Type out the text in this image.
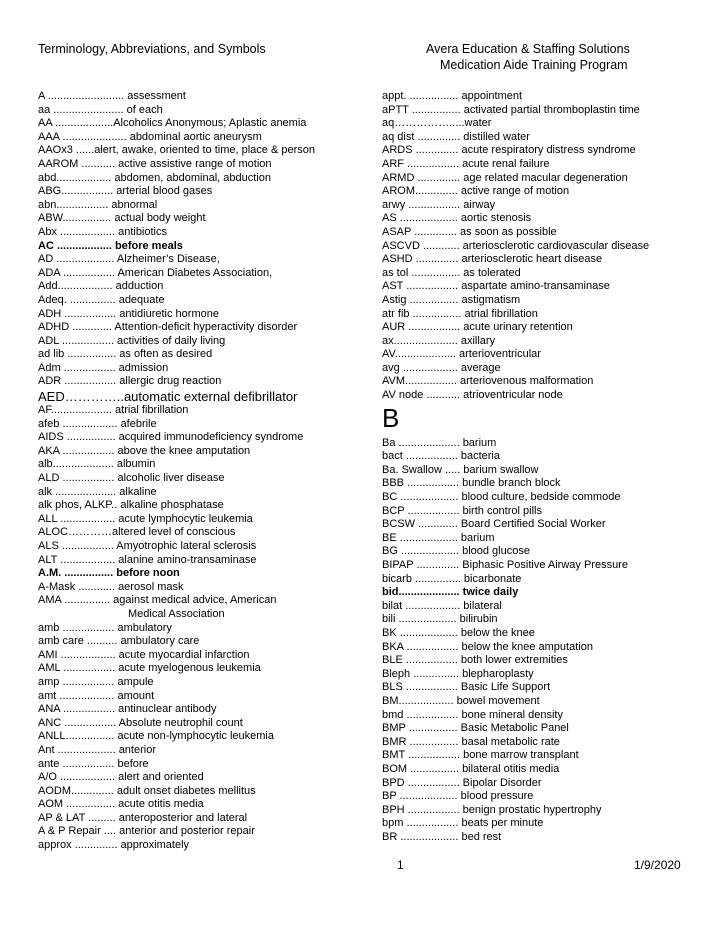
Terminology, Abbreviations, and Symbols	Avera Education & Staffing Solutions
Medication Aide Training Program
A ......................... assessment
aa ....................... of each
AA ...................Alcoholics Anonymous; Aplastic anemia
AAA ..................... abdominal aortic aneurysm
AAOx3 ......alert, awake, oriented to time, place & person
AAROM ........... active assistive range of motion
abd.................. abdomen, abdominal, abduction
ABG................. arterial blood gases
abn................. abnormal
ABW................ actual body weight
Abx .................. antibiotics
AC .................. before meals
AD ................... Alzheimer’s Disease,
ADA ................. American Diabetes Association,
Add.................. adduction
Adeq. ............... adequate
ADH ................. antidiuretic hormone
ADHD ............. Attention-deficit hyperactivity disorder
ADL ................. activities of daily living
ad lib ................ as often as desired
Adm ................. admission
ADR ................. allergic drug reaction
AED…………..automatic external defibrillator
AF.................... atrial fibrillation
afeb .................. afebrile
AIDS ................ acquired immunodeficiency syndrome
AKA ................. above the knee amputation
alb.................... albumin
ALD ................. alcoholic liver disease
alk .................... alkaline
alk phos, ALKP.. alkaline phosphatase
ALL .................. acute lymphocytic leukemia
ALOC…………altered level of conscious
ALS ................. Amyotrophic lateral sclerosis
ALT .................. alanine amino-transaminase
A.M. ................ before noon
A-Mask ............ aerosol mask
AMA ............... against medical advice, American
Medical Association
amb ................. ambulatory
amb care .......... ambulatory care
AMI .................. acute myocardial infarction
AML ................. acute myelogenous leukemia
amp ................. ampule
amt .................. amount
ANA ................. antinuclear antibody
ANC ................. Absolute neutrophil count
ANLL................ acute non-lymphocytic leukemia
Ant ................... anterior
ante ................. before
A/O .................. alert and oriented
AODM.............. adult onset diabetes mellitus
AOM ................ acute otitis media
AP & LAT ......... anteroposterior and lateral
A & P Repair .... anterior and posterior repair
approx .............. approximately
appt. ................ appointment
aPTT ................ activated partial thromboplastin time
aq…………….....water
aq dist .............. distilled water
ARDS .............. acute respiratory distress syndrome
ARF ................. acute renal failure
ARMD .............. age related macular degeneration
AROM.............. active range of motion
arwy ................. airway
AS ................... aortic stenosis
ASAP .............. as soon as possible
ASCVD ............ arteriosclerotic cardiovascular disease
ASHD .............. arteriosclerotic heart disease
as tol ................ as tolerated
AST ................. aspartate amino-transaminase
Astig ................ astigmatism
atr fib ................ atrial fibrillation
AUR ................. acute urinary retention
ax..................... axillary
AV.................... arterioventricular
avg .................. average
AVM................. arteriovenous malformation
AV node ........... atrioventricular node
B
Ba .................... barium
bact ................. bacteria
Ba. Swallow ..... barium swallow
BBB ................. bundle branch block
BC ................... blood culture, bedside commode
BCP ................. birth control pills
BCSW ............. Board Certified Social Worker
BE ................... barium
BG ................... blood glucose
BIPAP .............. Biphasic Positive Airway Pressure
bicarb ............... bicarbonate
bid.................... twice daily
bilat .................. bilateral
bili ................... bilirubin
BK ................... below the knee
BKA ................. below the knee amputation
BLE ................. both lower extremities
Bleph ............... blepharoplasty
BLS ................. Basic Life Support
BM.................. bowel movement
bmd ................. bone mineral density
BMP ................ Basic Metabolic Panel
BMR ................ basal metabolic rate
BMT ................. bone marrow transplant
BOM ................ bilateral otitis media
BPD ................. Bipolar Disorder
BP ................... blood pressure
BPH ................. benign prostatic hypertrophy
bpm ................. beats per minute
BR ................... bed rest
1	1/9/2020
